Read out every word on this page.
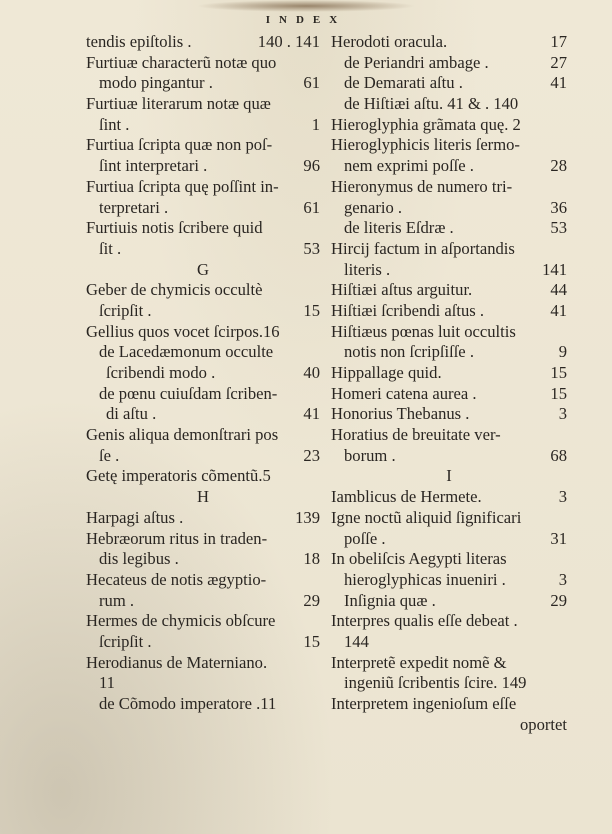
INDEX
tendis epiſtolis .	140 . 141
Furtiuæ characterũ notæ quo
modo pingantur .	61
Furtiuæ literarum notæ quæ
ſint .	1
Furtiua ſcripta quæ non poſ-
ſint interpretari .	96
Furtiua ſcripta quę poſſint in-
terpretari .	61
Furtiuis notis ſcribere quid
ſit .	53
G
Geber de chymicis occultè
ſcripſit .	15
Gellius quos vocet ſcirpos.16
de Lacedæmonum occulte
ſcribendi modo .	40
de pœnu cuiuſdam ſcriben-
di aſtu .	41
Genis aliqua demonſtrari pos
ſe .	23
Getę imperatoris cõmentũ.5
H
Harpagi aſtus .	139
Hebræorum ritus in traden-
dis legibus .	18
Hecateus de notis ægyptio-
rum .	29
Hermes de chymicis obſcure
ſcripſit .	15
Herodianus de Materniano.
11
de Cõmodo imperatore .11
Herodoti oracula.	17
de Periandri ambage .	27
de Demarati aſtu .	41
de Hiſtiæi aſtu. 41 & . 140
Hieroglyphia grãmata quę. 2
Hieroglyphicis literis ſermo-
nem exprimi poſſe .	28
Hieronymus de numero tri-
genario .	36
de literis Eſdræ .	53
Hircij factum in aſportandis
literis .	141
Hiſtiæi aſtus arguitur.	44
Hiſtiæi ſcribendi aſtus .	41
Hiſtiæus pœnas luit occultis
notis non ſcripſiſſe .	9
Hippallage quid.	15
Homeri catena aurea .	15
Honorius Thebanus .	3
Horatius de breuitate ver-
borum .	68
I
Iamblicus de Hermete.	3
Igne noctũ aliquid ſignificari
poſſe .	31
In obeliſcis Aegypti literas
hieroglyphicas inueniri .	3
Inſignia quæ .	29
Interpres qualis eſſe debeat .
144
Interpretẽ expedit nomẽ &
ingeniũ ſcribentis ſcire. 149
Interpretem ingenioſum eſſe
oportet
